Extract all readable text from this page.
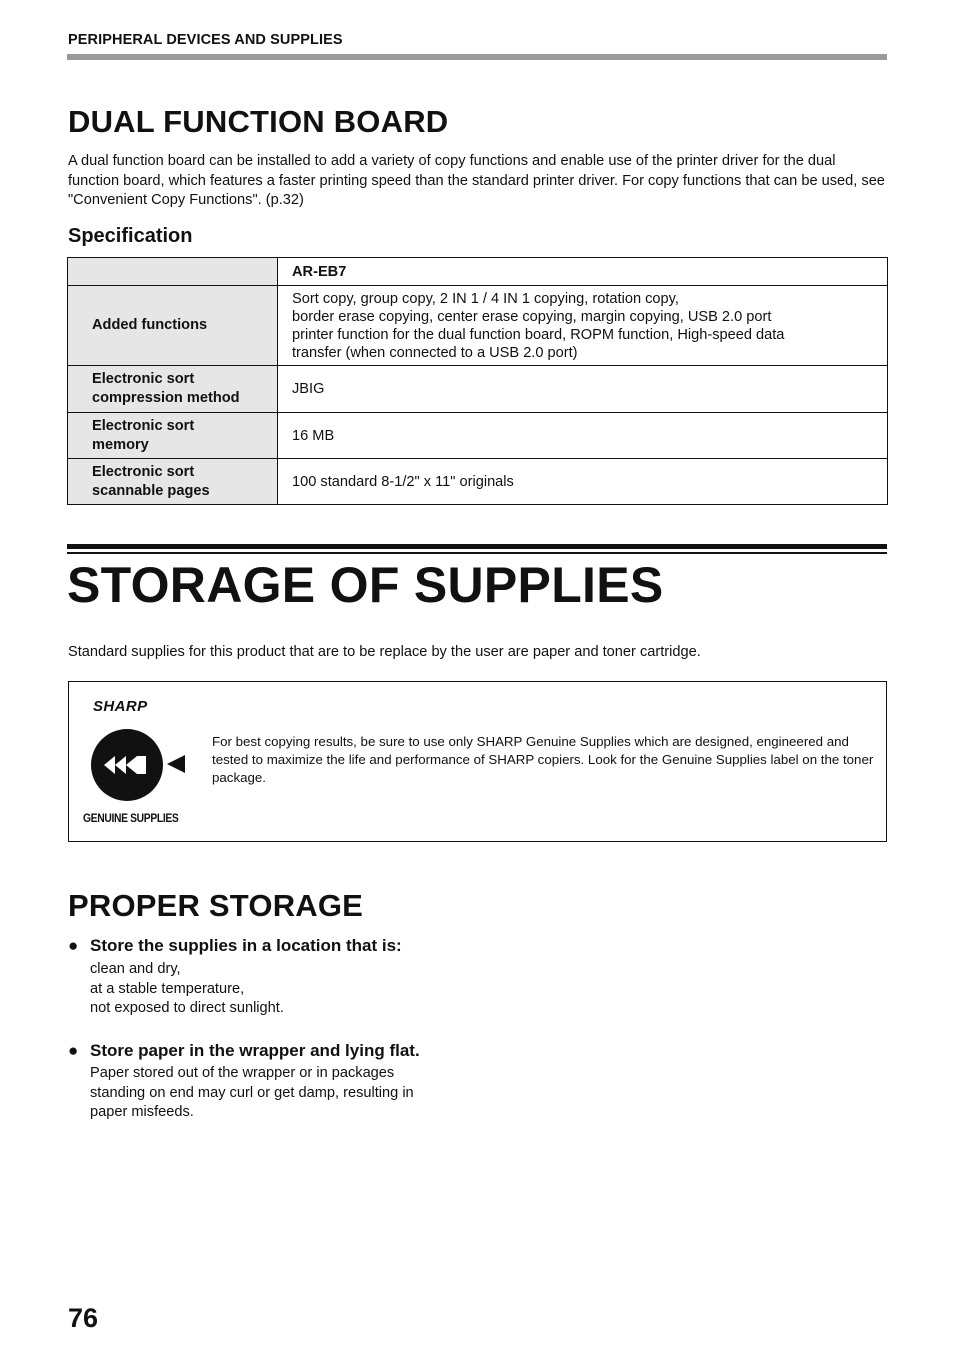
PERIPHERAL DEVICES AND SUPPLIES
DUAL FUNCTION BOARD
A dual function board can be installed to add a variety of copy functions and enable use of the printer driver for the dual function board, which features a faster printing speed than the standard printer driver. For copy functions that can be used, see "Convenient Copy Functions". (p.32)
Specification
	AR-EB7
Added functions	Sort copy, group copy, 2 IN 1 / 4 IN 1 copying, rotation copy,
border erase copying, center erase copying, margin copying, USB 2.0 port
printer function for the dual function board, ROPM function, High-speed data
transfer (when connected to a USB 2.0 port)

Electronic sort
compression method	JBIG

Electronic sort
memory	16 MB

Electronic sort
scannable pages	100 standard 8-1/2" x 11" originals
STORAGE OF SUPPLIES
Standard supplies for this product that are to be replace by the user are paper and toner cartridge.
SHARP
GENUINE SUPPLIES
For best copying results, be sure to use only SHARP Genuine Supplies which are designed, engineered and tested to maximize the life and performance of SHARP copiers. Look for the Genuine Supplies label on the toner package.
PROPER STORAGE
● Store the supplies in a location that is:
clean and dry,
at a stable temperature,
not exposed to direct sunlight.
● Store paper in the wrapper and lying flat.
Paper stored out of the wrapper or in packages
standing on end may curl or get damp, resulting in
paper misfeeds.
76
